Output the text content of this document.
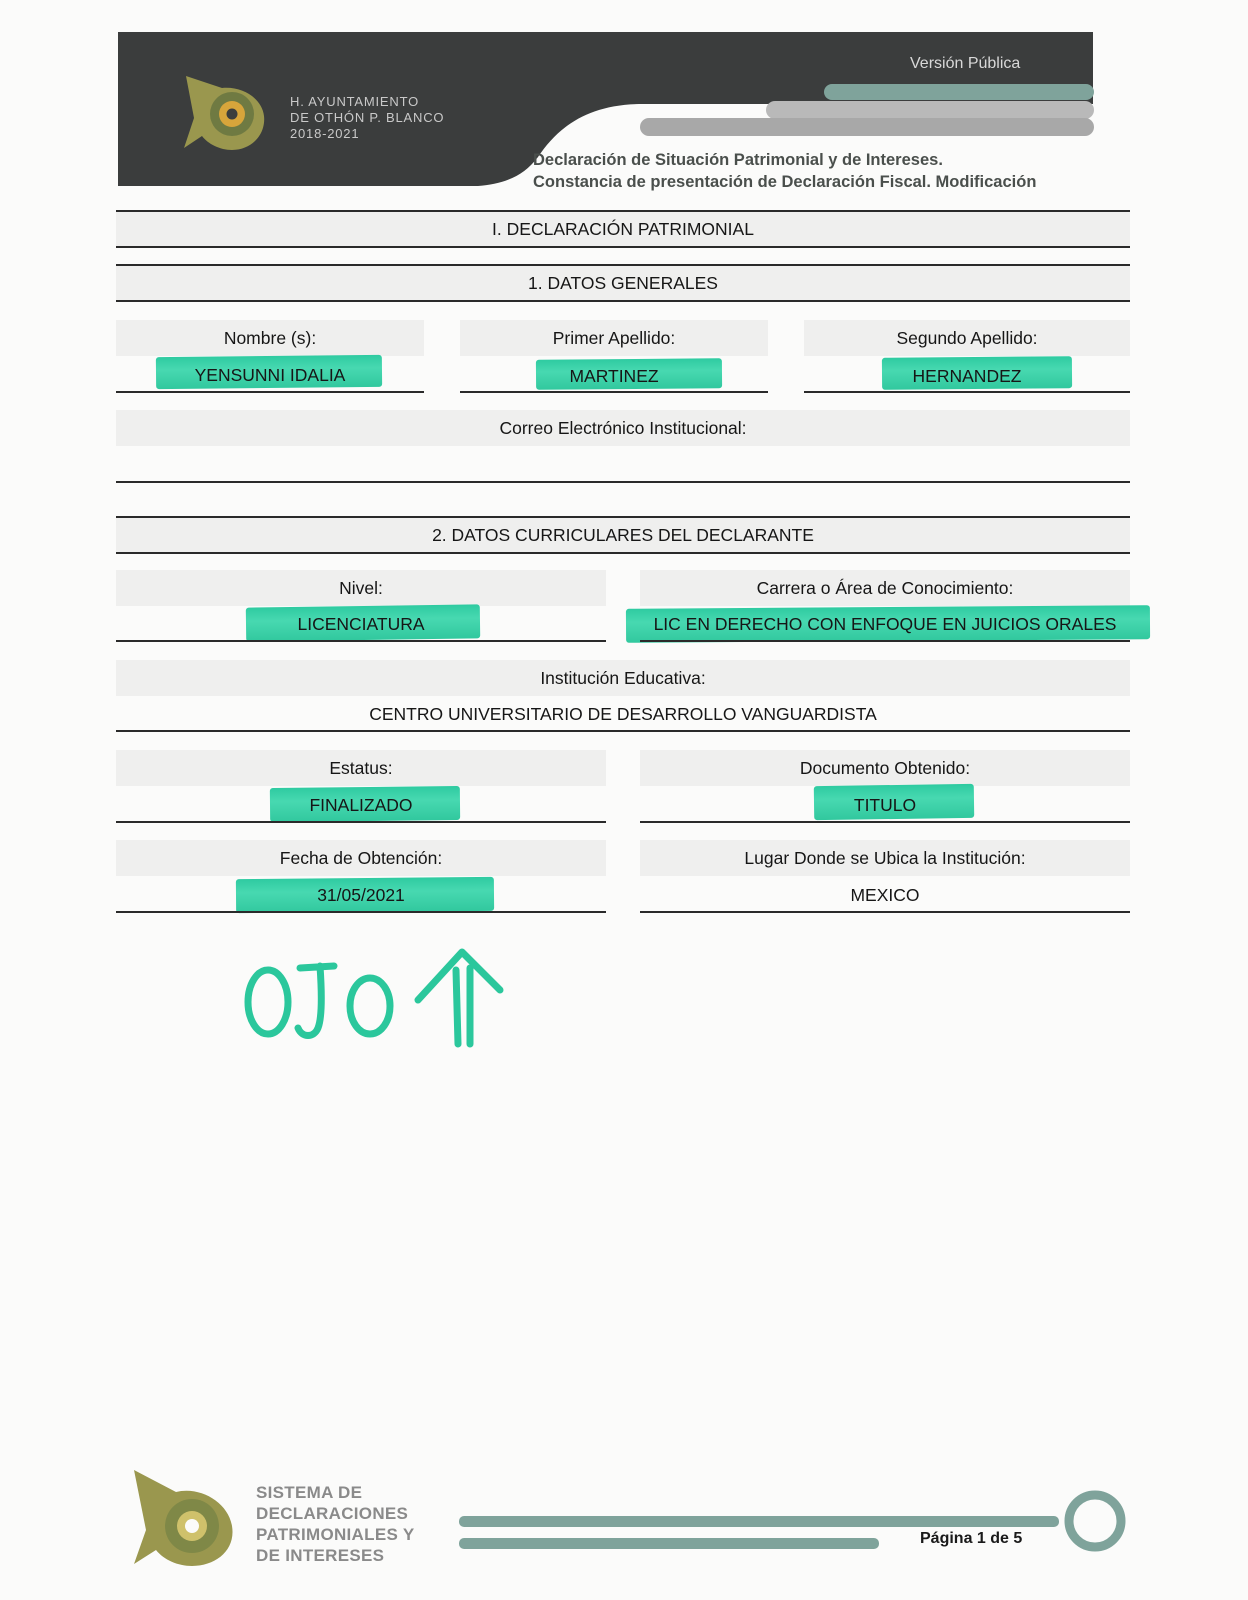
H. AYUNTAMIENTO
DE OTHÓN P. BLANCO
2018-2021
Versión Pública
Declaración de Situación Patrimonial y de Intereses.
Constancia de presentación de Declaración Fiscal. Modificación
I. DECLARACIÓN PATRIMONIAL
1. DATOS GENERALES
Nombre (s):	Primer Apellido:	Segundo Apellido:
YENSUNNI IDALIA	MARTINEZ	HERNANDEZ
Correo Electrónico Institucional:
2. DATOS CURRICULARES DEL DECLARANTE
Nivel:	Carrera o Área de Conocimiento:
LICENCIATURA	LIC EN DERECHO CON ENFOQUE EN JUICIOS ORALES
Institución Educativa:
CENTRO UNIVERSITARIO DE DESARROLLO VANGUARDISTA
Estatus:	Documento Obtenido:
FINALIZADO	TITULO
Fecha de Obtención:	Lugar Donde se Ubica la Institución:
31/05/2021	MEXICO
SISTEMA DE
DECLARACIONES
PATRIMONIALES Y
DE INTERESES
Página 1 de 5
